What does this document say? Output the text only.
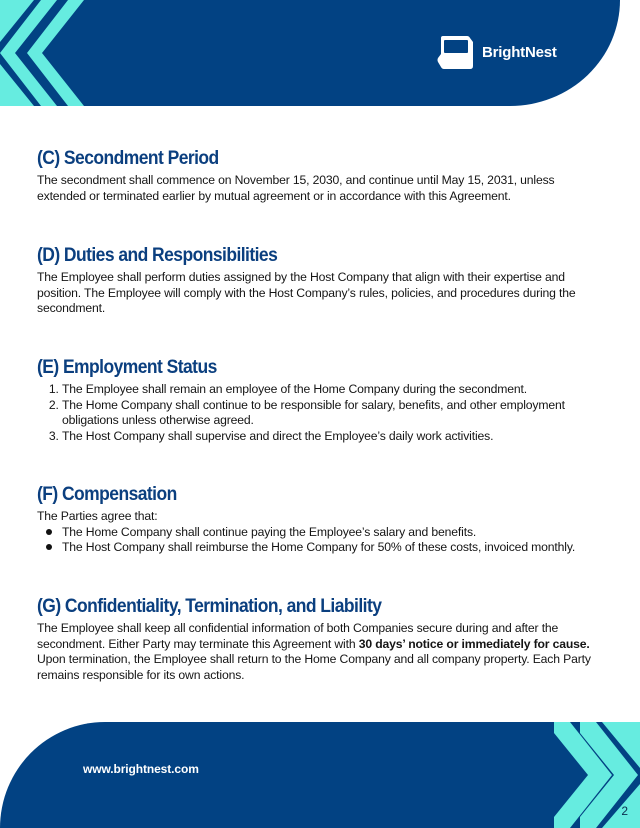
BrightNest
(C) Secondment Period

The secondment shall commence on November 15, 2030, and continue until May 15, 2031, unless extended or terminated earlier by mutual agreement or in accordance with this Agreement.

(D) Duties and Responsibilities

The Employee shall perform duties assigned by the Host Company that align with their expertise and position. The Employee will comply with the Host Company’s rules, policies, and procedures during the secondment.

(E) Employment Status
1. The Employee shall remain an employee of the Home Company during the secondment.
2. The Home Company shall continue to be responsible for salary, benefits, and other employment obligations unless otherwise agreed.
3. The Host Company shall supervise and direct the Employee’s daily work activities.
(F) Compensation
The Parties agree that:
The Home Company shall continue paying the Employee’s salary and benefits.
The Host Company shall reimburse the Home Company for 50% of these costs, invoiced monthly.
(G) Confidentiality, Termination, and Liability

The Employee shall keep all confidential information of both Companies secure during and after the secondment. Either Party may terminate this Agreement with 30 days’ notice or immediately for cause. Upon termination, the Employee shall return to the Home Company and all company property. Each Party remains responsible for its own actions.

www.brightnest.com
2
